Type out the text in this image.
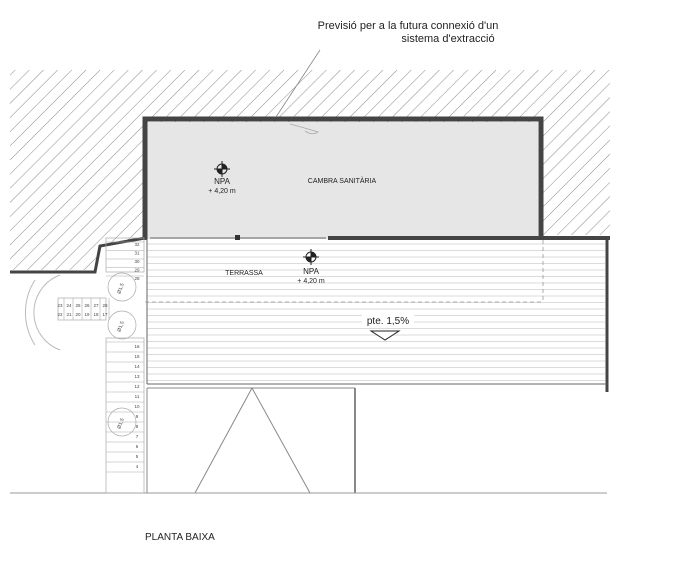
32
31
30
29
28
23 24 25 26 27 28
22 21 20 19 18 17
16
15
14
13
12
11
10
9
8
7
6
5
4
Ø1,5
Ø1,5
Ø1,5
Previsió per a la futura connexió d'un
sistema d'extracció
CAMBRA SANITÀRIA
TERRASSA
NPA
+ 4,20 m
NPA
+ 4,20 m
pte. 1,5%
PLANTA BAIXA
